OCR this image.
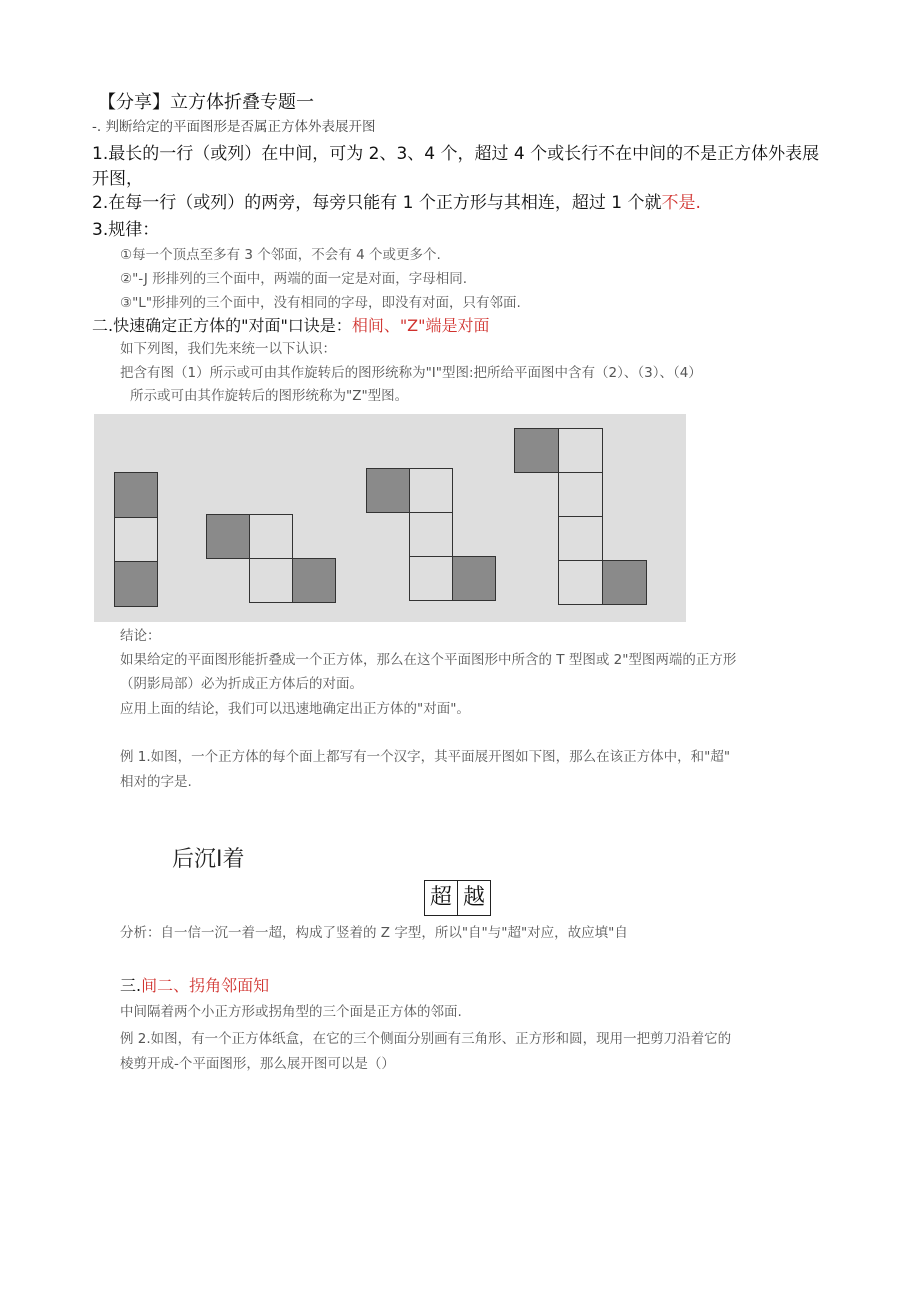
【分享】立方体折叠专题一
-. 判断给定的平面图形是否属正方体外表展开图
1.最长的一行（或列）在中间，可为 2、3、4 个，超过 4 个或长行不在中间的不是正方体外表展
开图，
2.在每一行（或列）的两旁，每旁只能有 1 个正方形与其相连，超过 1 个就不是.
3.规律：
①每一个顶点至多有 3 个邻面，不会有 4 个或更多个.
②"-J 形排列的三个面中，两端的面一定是对面，字母相同.
③"L"形排列的三个面中，没有相同的字母，即没有对面，只有邻面.
二.快速确定正方体的"对面"口诀是：相间、"Z"端是对面
如下列图，我们先来统一以下认识：
把含有图（1）所示或可由其作旋转后的图形统称为"I"型图:把所给平面图中含有（2）、（3）、（4）
所示或可由其作旋转后的图形统称为"Z"型图。
结论：
如果给定的平面图形能折叠成一个正方体，那么在这个平面图形中所含的 T 型图或 2"型图两端的正方形
（阴影局部）必为折成正方体后的对面。
应用上面的结论，我们可以迅速地确定出正方体的"对面"。
例 1.如图，一个正方体的每个面上都写有一个汉字，其平面展开图如下图，那么在该正方体中，和"超"
相对的字是.
后沉I着
超 越
分析：自一信一沉一着一超，构成了竖着的 Z 字型，所以"自"与"超"对应，故应填"自
三.间二、拐角邻面知
中间隔着两个小正方形或拐角型的三个面是正方体的邻面.
例 2.如图，有一个正方体纸盒，在它的三个侧面分别画有三角形、正方形和圆，现用一把剪刀沿着它的
棱剪开成-个平面图形，那么展开图可以是（）
